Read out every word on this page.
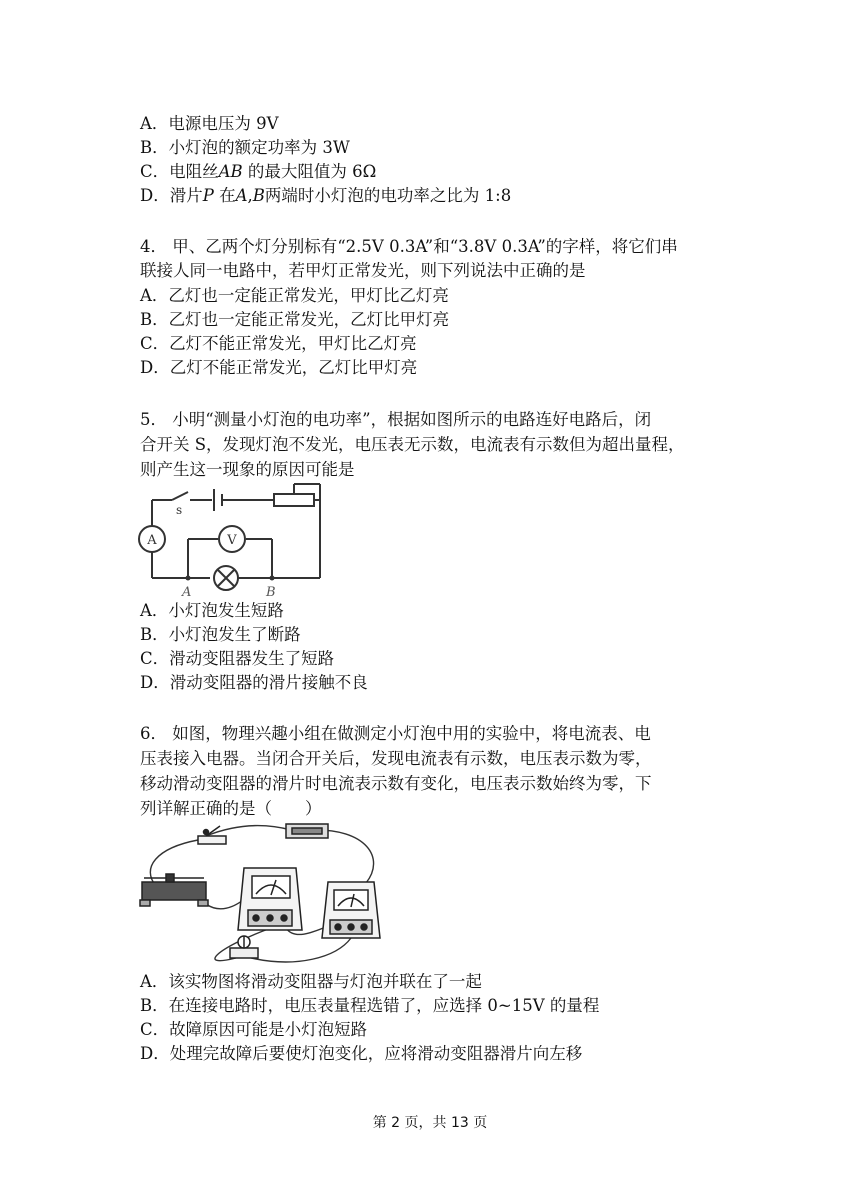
A．电源电压为 9V
B．小灯泡的额定功率为 3W
C．电阻丝AB 的最大阻值为 6Ω
D．滑片P 在A,B两端时小灯泡的电功率之比为 1:8
4． 甲、乙两个灯分别标有“2.5V 0.3A”和“3.8V 0.3A”的字样，将它们串
联接人同一电路中，若甲灯正常发光，则下列说法中正确的是
A．乙灯也一定能正常发光，甲灯比乙灯亮
B．乙灯也一定能正常发光，乙灯比甲灯亮
C．乙灯不能正常发光，甲灯比乙灯亮
D．乙灯不能正常发光，乙灯比甲灯亮
5． 小明“测量小灯泡的电功率”，根据如图所示的电路连好电路后，闭
合开关 S，发现灯泡不发光，电压表无示数，电流表有示数但为超出量程，
则产生这一现象的原因可能是
s
A	V
A	B
A．小灯泡发生短路
B．小灯泡发生了断路
C．滑动变阻器发生了短路
D．滑动变阻器的滑片接触不良
6． 如图，物理兴趣小组在做测定小灯泡中用的实验中，将电流表、电
压表接入电器。当闭合开关后，发现电流表有示数，电压表示数为零，
移动滑动变阻器的滑片时电流表示数有变化，电压表示数始终为零，下
列详解正确的是（　　）
A．该实物图将滑动变阻器与灯泡并联在了一起
B．在连接电路时，电压表量程选错了，应选择 0~15V 的量程
C．故障原因可能是小灯泡短路
D．处理完故障后要使灯泡变化，应将滑动变阻器滑片向左移
第 2 页，共 13 页
